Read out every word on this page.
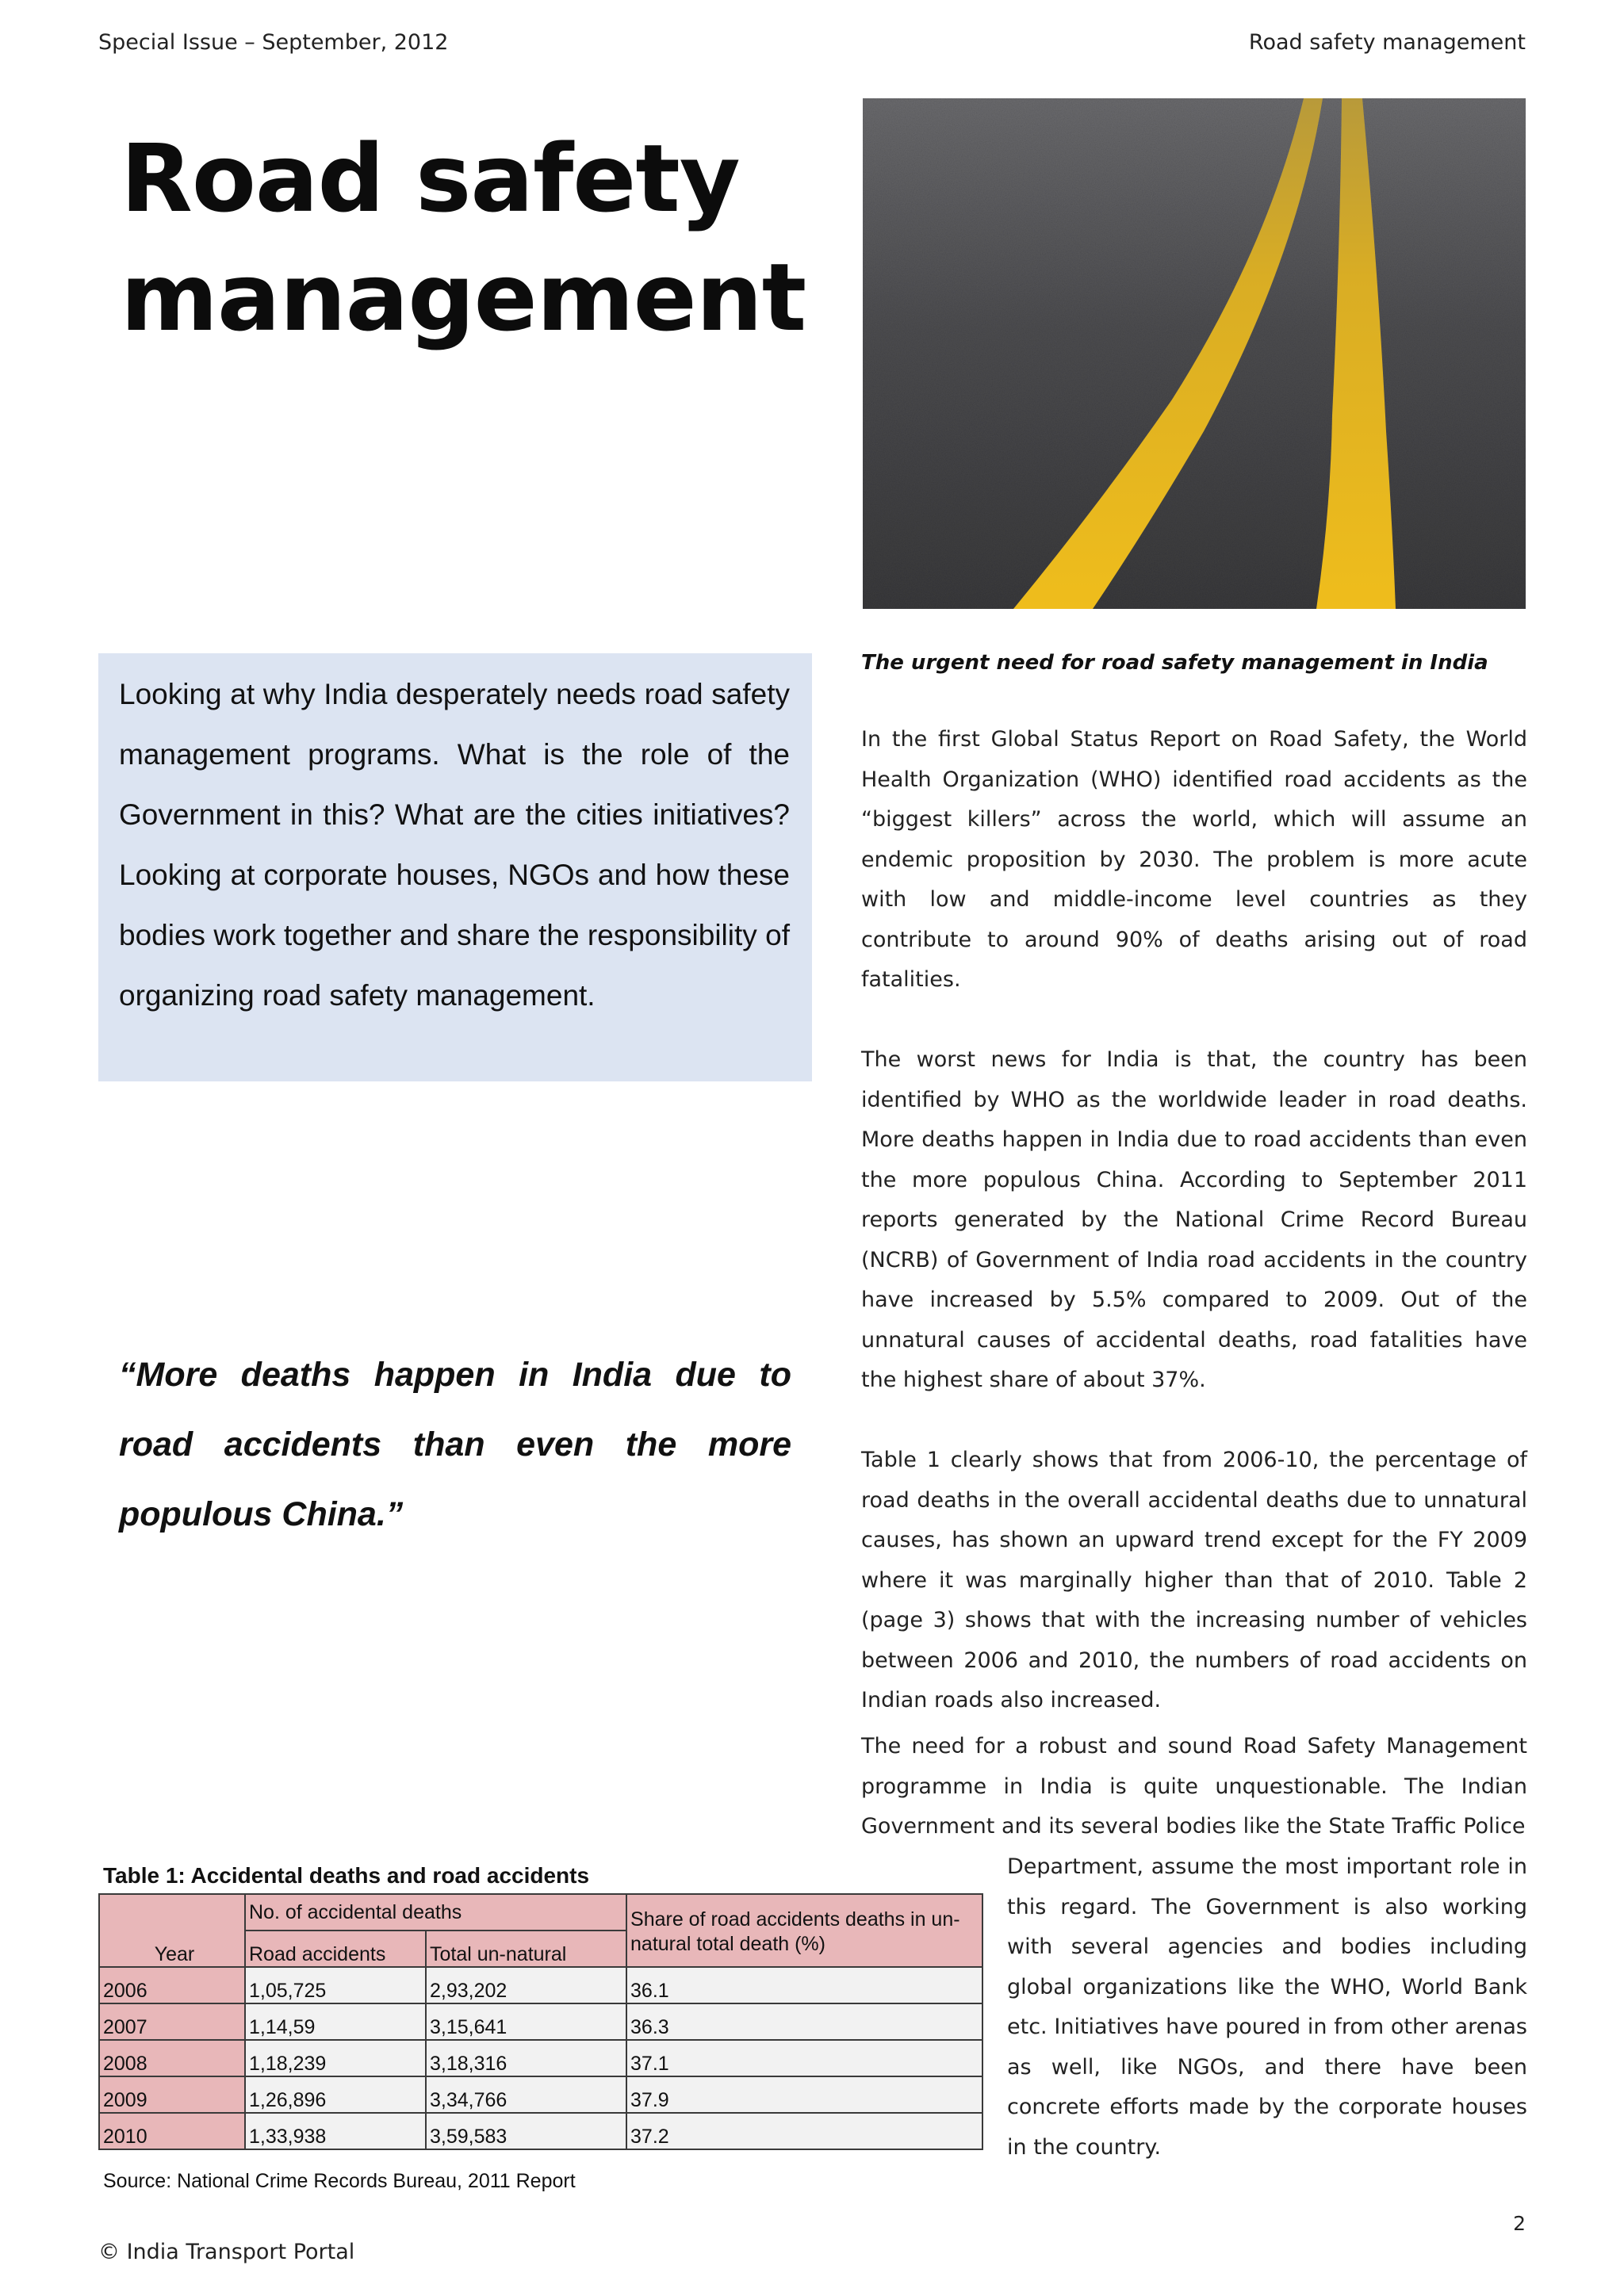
Special Issue – September, 2012	Road safety management
Road safety
management

Looking at why India desperately needs road safety management programs. What is the role of the Government in this? What are the cities initiatives? Looking at corporate houses, NGOs and how these bodies work together and share the responsibility of organizing road safety management.

“More deaths happen in India due to road accidents than even the more populous China.”

The urgent need for road safety management in India

In the first Global Status Report on Road Safety, the World Health Organization (WHO) identified road accidents as the “biggest killers” across the world, which will assume an endemic proposition by 2030. The problem is more acute with low and middle-income level countries as they contribute to around 90% of deaths arising out of road fatalities.

The worst news for India is that, the country has been identified by WHO as the worldwide leader in road deaths. More deaths happen in India due to road accidents than even the more populous China. According to September 2011 reports generated by the National Crime Record Bureau (NCRB) of Government of India road accidents in the country have increased by 5.5% compared to 2009. Out of the unnatural causes of accidental deaths, road fatalities have the highest share of about 37%.

Table 1 clearly shows that from 2006-10, the percentage of road deaths in the overall accidental deaths due to unnatural causes, has shown an upward trend except for the FY 2009 where it was marginally higher than that of 2010. Table 2 (page 3) shows that with the increasing number of vehicles between 2006 and 2010, the numbers of road accidents on Indian roads also increased.

The need for a robust and sound Road Safety Management programme in India is quite unquestionable. The Indian Government and its several bodies like the State Traffic Police
Department, assume the most important role in this regard. The Government is also working with several agencies and bodies including global organizations like the WHO, World Bank etc. Initiatives have poured in from other arenas as well, like NGOs, and there have been concrete efforts made by the corporate houses in the country.
Table 1: Accidental deaths and road accidents
Year	No. of accidental deaths		Share of road accidents deaths in un-natural total death (%)
	Road accidents	Total un-natural	
2006	1,05,725	2,93,202	36.1
2007	1,14,59	3,15,641	36.3
2008	1,18,239	3,18,316	37.1
2009	1,26,896	3,34,766	37.9
2010	1,33,938	3,59,583	37.2
Source: National Crime Records Bureau, 2011 Report
2
© India Transport Portal
